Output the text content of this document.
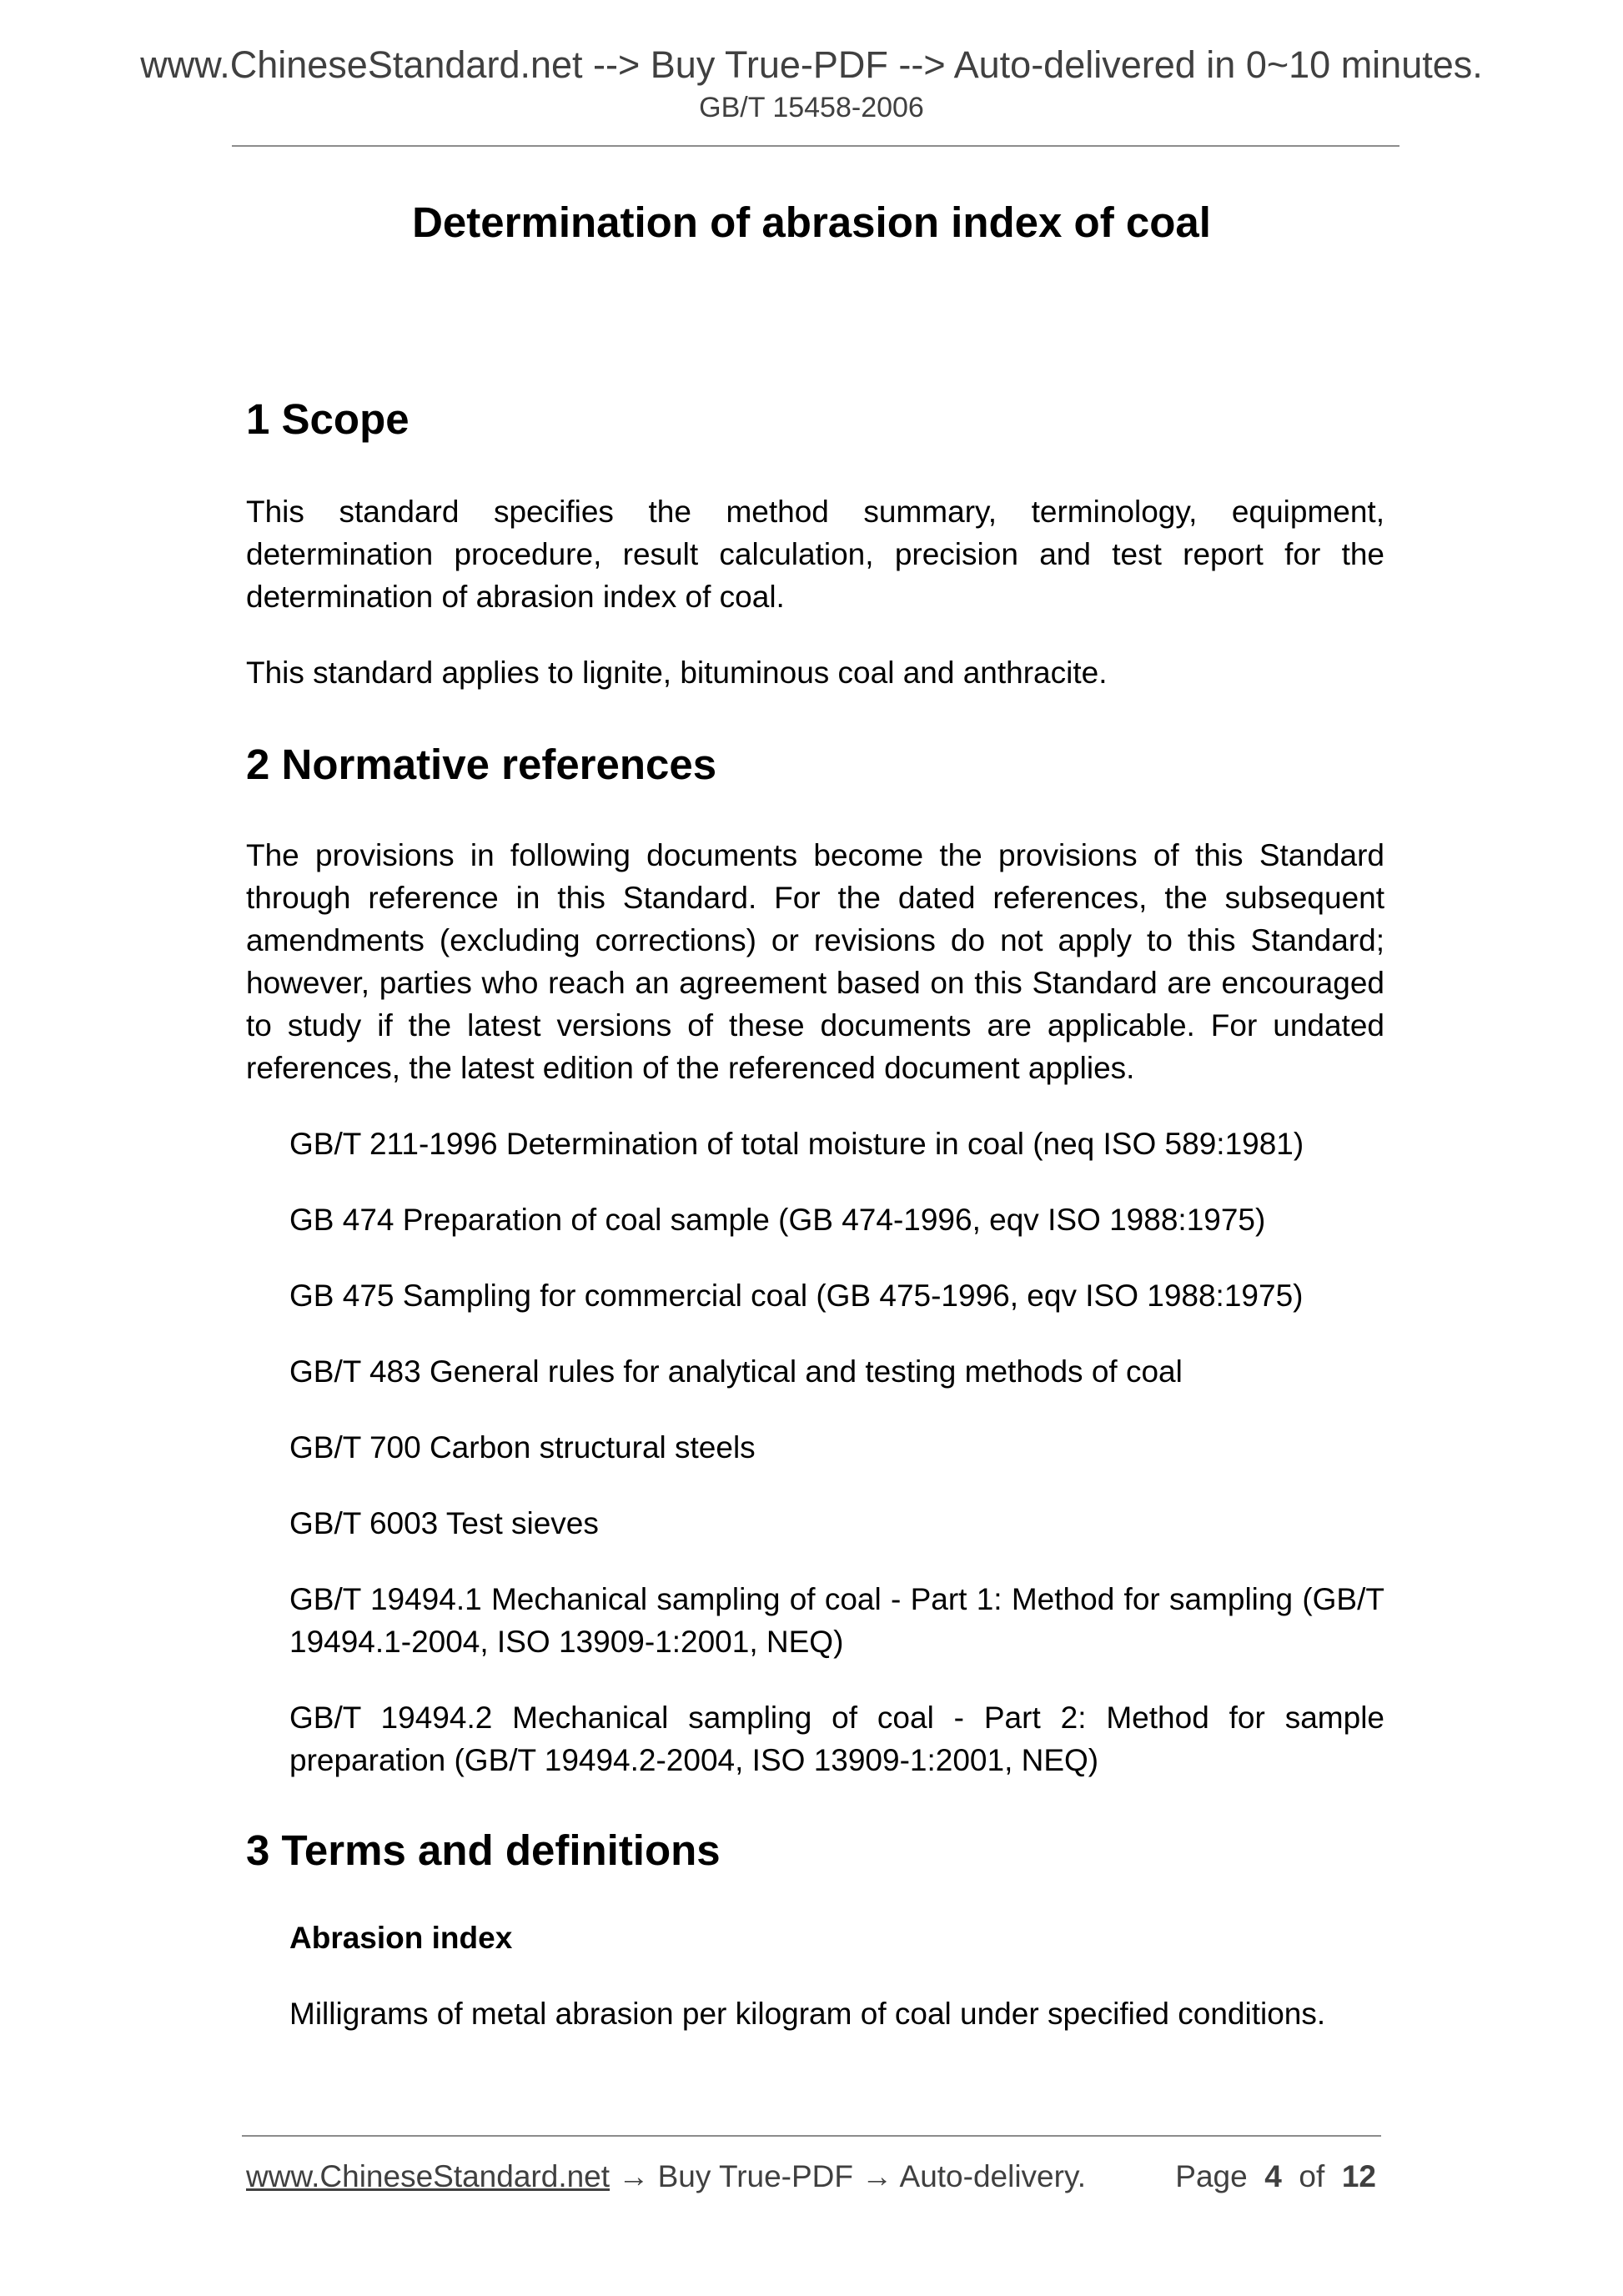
www.ChineseStandard.net --> Buy True-PDF --> Auto-delivered in 0~10 minutes.
GB/T 15458-2006
Determination of abrasion index of coal
1 Scope

This standard specifies the method summary, terminology, equipment, determination procedure, result calculation, precision and test report for the determination of abrasion index of coal.

This standard applies to lignite, bituminous coal and anthracite.

2 Normative references

The provisions in following documents become the provisions of this Standard through reference in this Standard. For the dated references, the subsequent amendments (excluding corrections) or revisions do not apply to this Standard; however, parties who reach an agreement based on this Standard are encouraged to study if the latest versions of these documents are applicable. For undated references, the latest edition of the referenced document applies.

GB/T 211-1996 Determination of total moisture in coal (neq ISO 589:1981)

GB 474 Preparation of coal sample (GB 474-1996, eqv ISO 1988:1975)

GB 475 Sampling for commercial coal (GB 475-1996, eqv ISO 1988:1975)

GB/T 483 General rules for analytical and testing methods of coal

GB/T 700 Carbon structural steels

GB/T 6003 Test sieves

GB/T 19494.1 Mechanical sampling of coal - Part 1: Method for sampling (GB/T 19494.1-2004, ISO 13909-1:2001, NEQ)

GB/T 19494.2 Mechanical sampling of coal - Part 2: Method for sample preparation (GB/T 19494.2-2004, ISO 13909-1:2001, NEQ)

3 Terms and definitions

Abrasion index

Milligrams of metal abrasion per kilogram of coal under specified conditions.

www.ChineseStandard.net → Buy True-PDF → Auto-delivery.	Page 4 of 12
